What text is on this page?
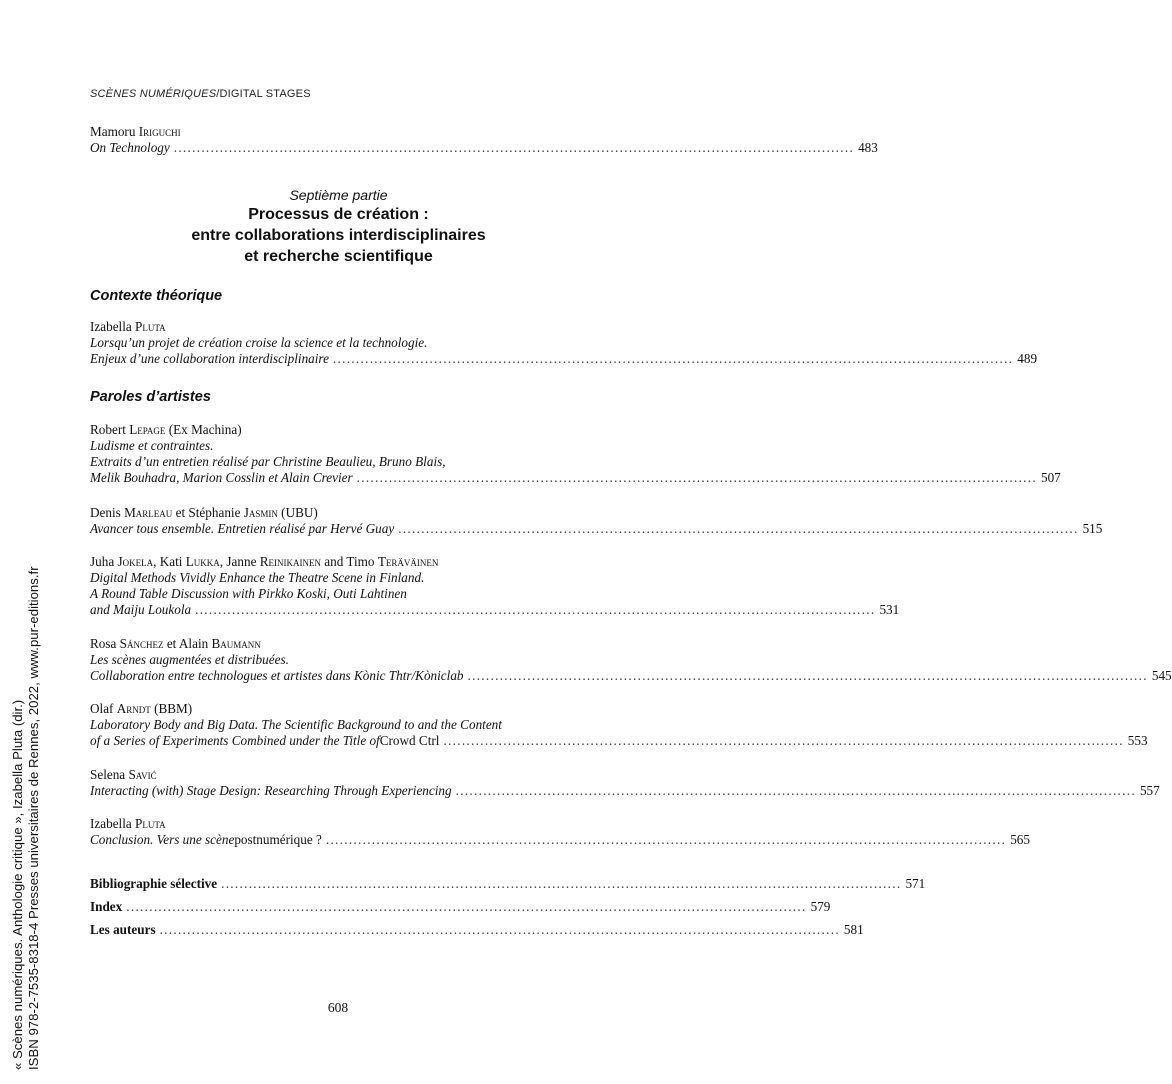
SCÈNES NUMÉRIQUES/DIGITAL STAGES
« Scènes numériques. Anthologie critique », Izabella Pluta (dir.) ISBN 978-2-7535-8318-4 Presses universitaires de Rennes, 2022, www.pur-editions.fr
Mamoru Iriguchi
On Technology .................................................................................................................................................... 483
Septième partie
Processus de création :
entre collaborations interdisciplinaires
et recherche scientifique
Contexte théorique
Izabella Pluta
Lorsqu’un projet de création croise la science et la technologie.
Enjeux d’une collaboration interdisciplinaire .................................................................................................................................................... 489
Paroles d’artistes
Robert Lepage (Ex Machina)
Ludisme et contraintes.
Extraits d’un entretien réalisé par Christine Beaulieu, Bruno Blais,
Melik Bouhadra, Marion Cosslin et Alain Crevier .................................................................................................................................................... 507
Denis Marleau et Stéphanie Jasmin (UBU)
Avancer tous ensemble. Entretien réalisé par Hervé Guay .................................................................................................................................................... 515
Juha Jokela, Kati Lukka, Janne Reinikainen and Timo Teräväinen
Digital Methods Vividly Enhance the Theatre Scene in Finland.
A Round Table Discussion with Pirkko Koski, Outi Lahtinen
and Maiju Loukola .................................................................................................................................................... 531
Rosa Sánchez et Alain Baumann
Les scènes augmentées et distribuées.
Collaboration entre technologues et artistes dans Kònic Thtr/Kòniclab .................................................................................................................................................... 545
Olaf Arndt (BBM)
Laboratory Body and Big Data. The Scientific Background to and the Content
of a Series of Experiments Combined under the Title of Crowd Ctrl .................................................................................................................................................... 553
Selena Savić
Interacting (with) Stage Design: Researching Through Experiencing .................................................................................................................................................... 557
Izabella Pluta
Conclusion. Vers une scène postnumérique ? .................................................................................................................................................... 565
Bibliographie sélective .................................................................................................................................................... 571
Index .................................................................................................................................................... 579
Les auteurs .................................................................................................................................................... 581
608
